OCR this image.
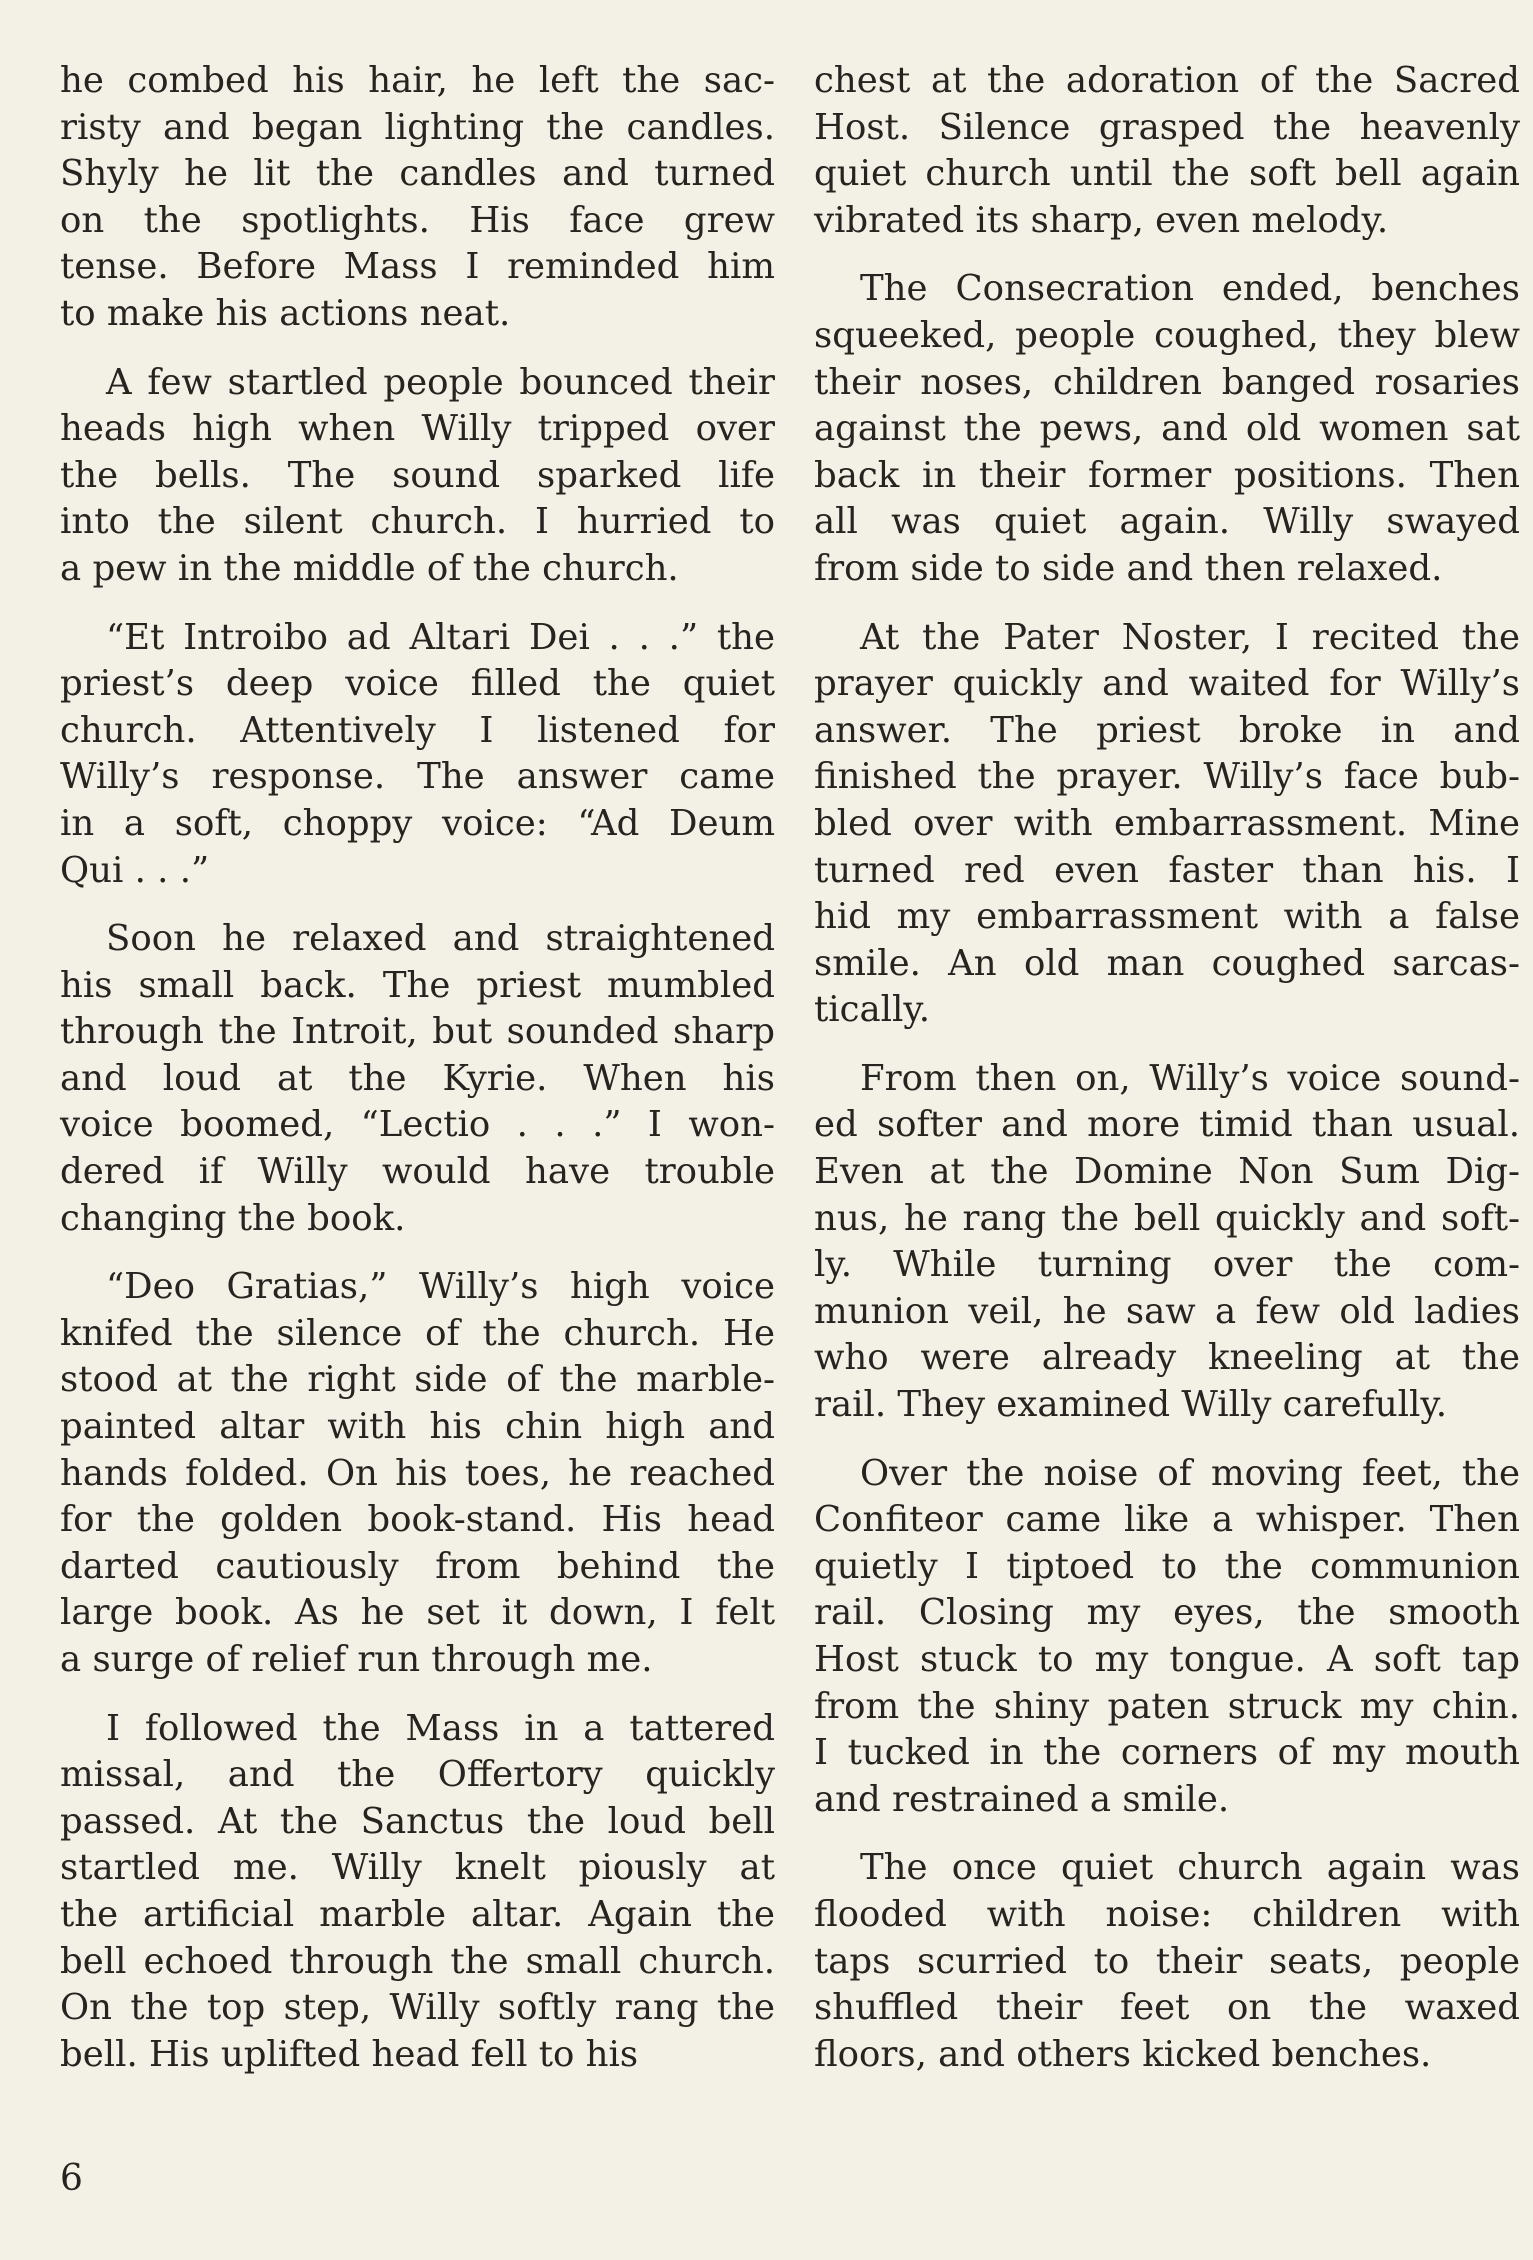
he combed his hair, he left the sac-
risty and began lighting the candles.
Shyly he lit the candles and turned
on the spotlights. His face grew
tense. Before Mass I reminded him
to make his actions neat.

A few startled people bounced their
heads high when Willy tripped over
the bells. The sound sparked life
into the silent church. I hurried to
a pew in the middle of the church.

“Et Introibo ad Altari Dei . . .” the
priest’s deep voice filled the quiet
church. Attentively I listened for
Willy’s response. The answer came
in a soft, choppy voice: “Ad Deum
Qui . . .”

Soon he relaxed and straightened
his small back. The priest mumbled
through the Introit, but sounded sharp
and loud at the Kyrie. When his
voice boomed, “Lectio . . .” I won-
dered if Willy would have trouble
changing the book.

“Deo Gratias,” Willy’s high voice
knifed the silence of the church. He
stood at the right side of the marble-
painted altar with his chin high and
hands folded. On his toes, he reached
for the golden book-stand. His head
darted cautiously from behind the
large book. As he set it down, I felt
a surge of relief run through me.

I followed the Mass in a tattered
missal, and the Offertory quickly
passed. At the Sanctus the loud bell
startled me. Willy knelt piously at
the artificial marble altar. Again the
bell echoed through the small church.
On the top step, Willy softly rang the
bell. His uplifted head fell to his

chest at the adoration of the Sacred
Host. Silence grasped the heavenly
quiet church until the soft bell again
vibrated its sharp, even melody.

The Consecration ended, benches
squeeked, people coughed, they blew
their noses, children banged rosaries
against the pews, and old women sat
back in their former positions. Then
all was quiet again. Willy swayed
from side to side and then relaxed.

At the Pater Noster, I recited the
prayer quickly and waited for Willy’s
answer. The priest broke in and
finished the prayer. Willy’s face bub-
bled over with embarrassment. Mine
turned red even faster than his. I
hid my embarrassment with a false
smile. An old man coughed sarcas-
tically.

From then on, Willy’s voice sound-
ed softer and more timid than usual.
Even at the Domine Non Sum Dig-
nus, he rang the bell quickly and soft-
ly. While turning over the com-
munion veil, he saw a few old ladies
who were already kneeling at the
rail. They examined Willy carefully.

Over the noise of moving feet, the
Confiteor came like a whisper. Then
quietly I tiptoed to the communion
rail. Closing my eyes, the smooth
Host stuck to my tongue. A soft tap
from the shiny paten struck my chin.
I tucked in the corners of my mouth
and restrained a smile.

The once quiet church again was
flooded with noise: children with
taps scurried to their seats, people
shuffled their feet on the waxed
floors, and others kicked benches.

6
